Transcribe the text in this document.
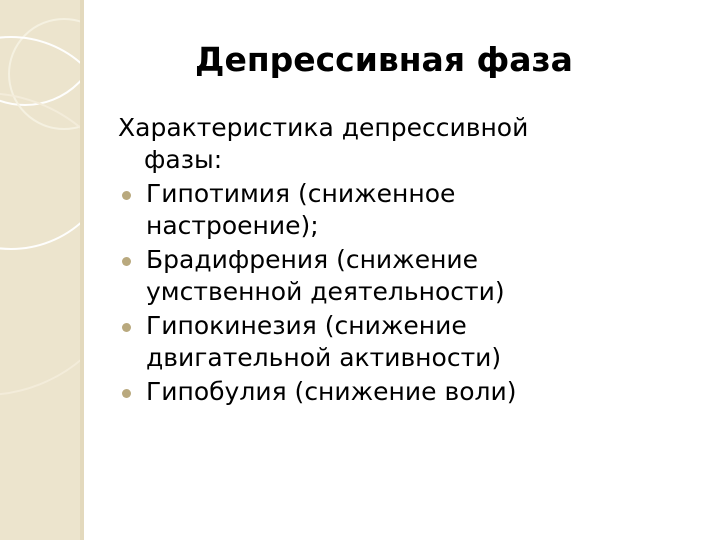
Депрессивная фаза

Характеристика депрессивной
фазы:

Гипотимия (сниженное
настроение);
Брадифрения (снижение
умственной деятельности)
Гипокинезия (снижение
двигательной активности)
Гипобулия (снижение воли)
